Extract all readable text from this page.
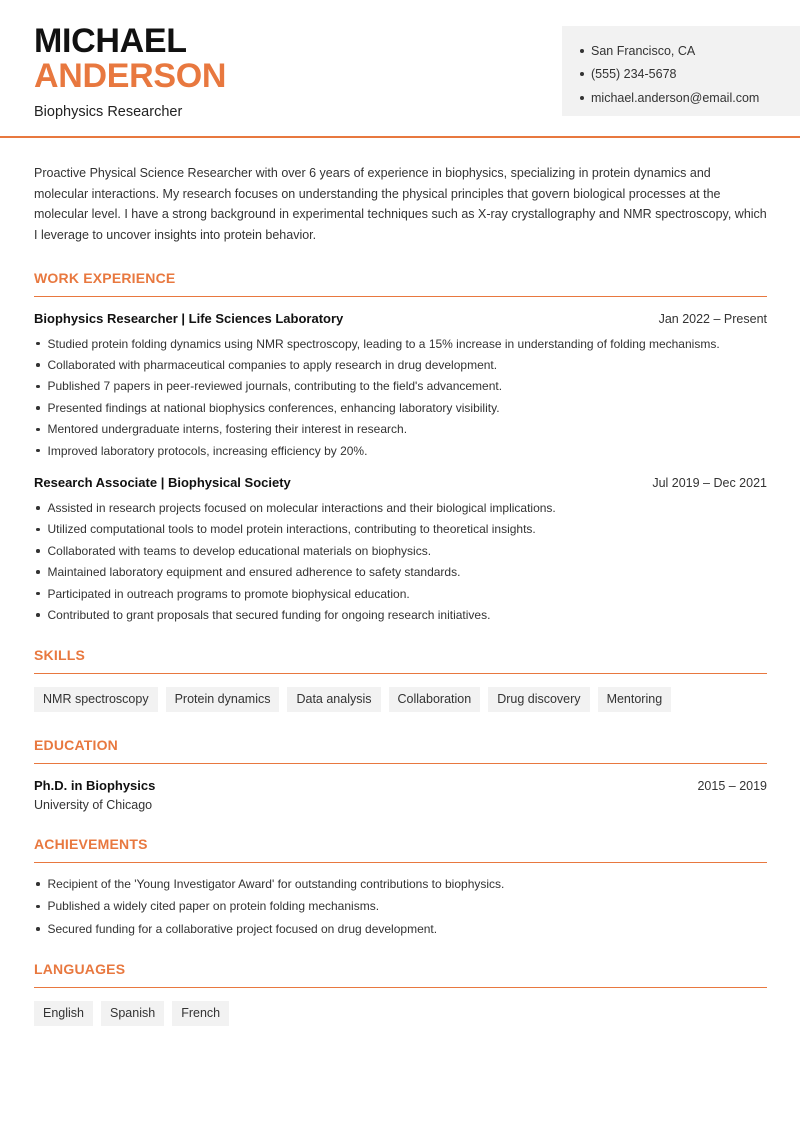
MICHAEL
ANDERSON
Biophysics Researcher
San Francisco, CA
(555) 234-5678
michael.anderson@email.com

Proactive Physical Science Researcher with over 6 years of experience in biophysics, specializing in protein dynamics and molecular interactions. My research focuses on understanding the physical principles that govern biological processes at the molecular level. I have a strong background in experimental techniques such as X-ray crystallography and NMR spectroscopy, which I leverage to uncover insights into protein behavior.

WORK EXPERIENCE
Biophysics Researcher | Life Sciences Laboratory	Jan 2022 – Present
Studied protein folding dynamics using NMR spectroscopy, leading to a 15% increase in understanding of folding mechanisms.
Collaborated with pharmaceutical companies to apply research in drug development.
Published 7 papers in peer-reviewed journals, contributing to the field's advancement.
Presented findings at national biophysics conferences, enhancing laboratory visibility.
Mentored undergraduate interns, fostering their interest in research.
Improved laboratory protocols, increasing efficiency by 20%.
Research Associate | Biophysical Society	Jul 2019 – Dec 2021
Assisted in research projects focused on molecular interactions and their biological implications.
Utilized computational tools to model protein interactions, contributing to theoretical insights.
Collaborated with teams to develop educational materials on biophysics.
Maintained laboratory equipment and ensured adherence to safety standards.
Participated in outreach programs to promote biophysical education.
Contributed to grant proposals that secured funding for ongoing research initiatives.
SKILLS
NMR spectroscopy	Protein dynamics	Data analysis	Collaboration	Drug discovery	Mentoring
EDUCATION
Ph.D. in Biophysics	2015 – 2019
University of Chicago
ACHIEVEMENTS
Recipient of the 'Young Investigator Award' for outstanding contributions to biophysics.
Published a widely cited paper on protein folding mechanisms.
Secured funding for a collaborative project focused on drug development.
LANGUAGES
English	Spanish	French
